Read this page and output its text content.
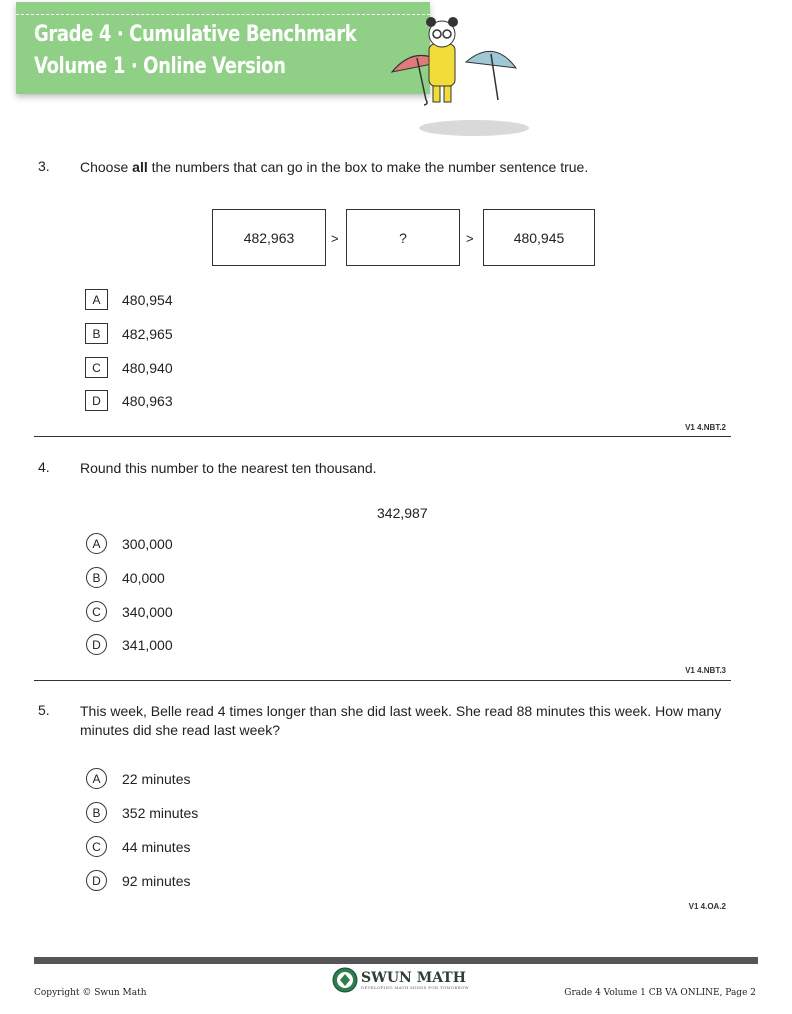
Grade 4 · Cumulative Benchmark
Volume 1 · Online Version
3. Choose all the numbers that can go in the box to make the number sentence true.
482,963	>	?	>	480,945
A	480,954
B	482,965
C	480,940
D	480,963
V1 4.NBT.2
4. Round this number to the nearest ten thousand.
342,987
A	300,000
B	40,000
C	340,000
D	341,000
V1 4.NBT.3
5. This week, Belle read 4 times longer than she did last week. She read 88 minutes this week. How many minutes did she read last week?
A	22 minutes
B	352 minutes
C	44 minutes
D	92 minutes
V1 4.OA.2
SWUN MATH
DEVELOPING MATH MINDS FOR TOMORROW
Copyright © Swun Math	Grade 4 Volume 1 CB VA ONLINE, Page 2
